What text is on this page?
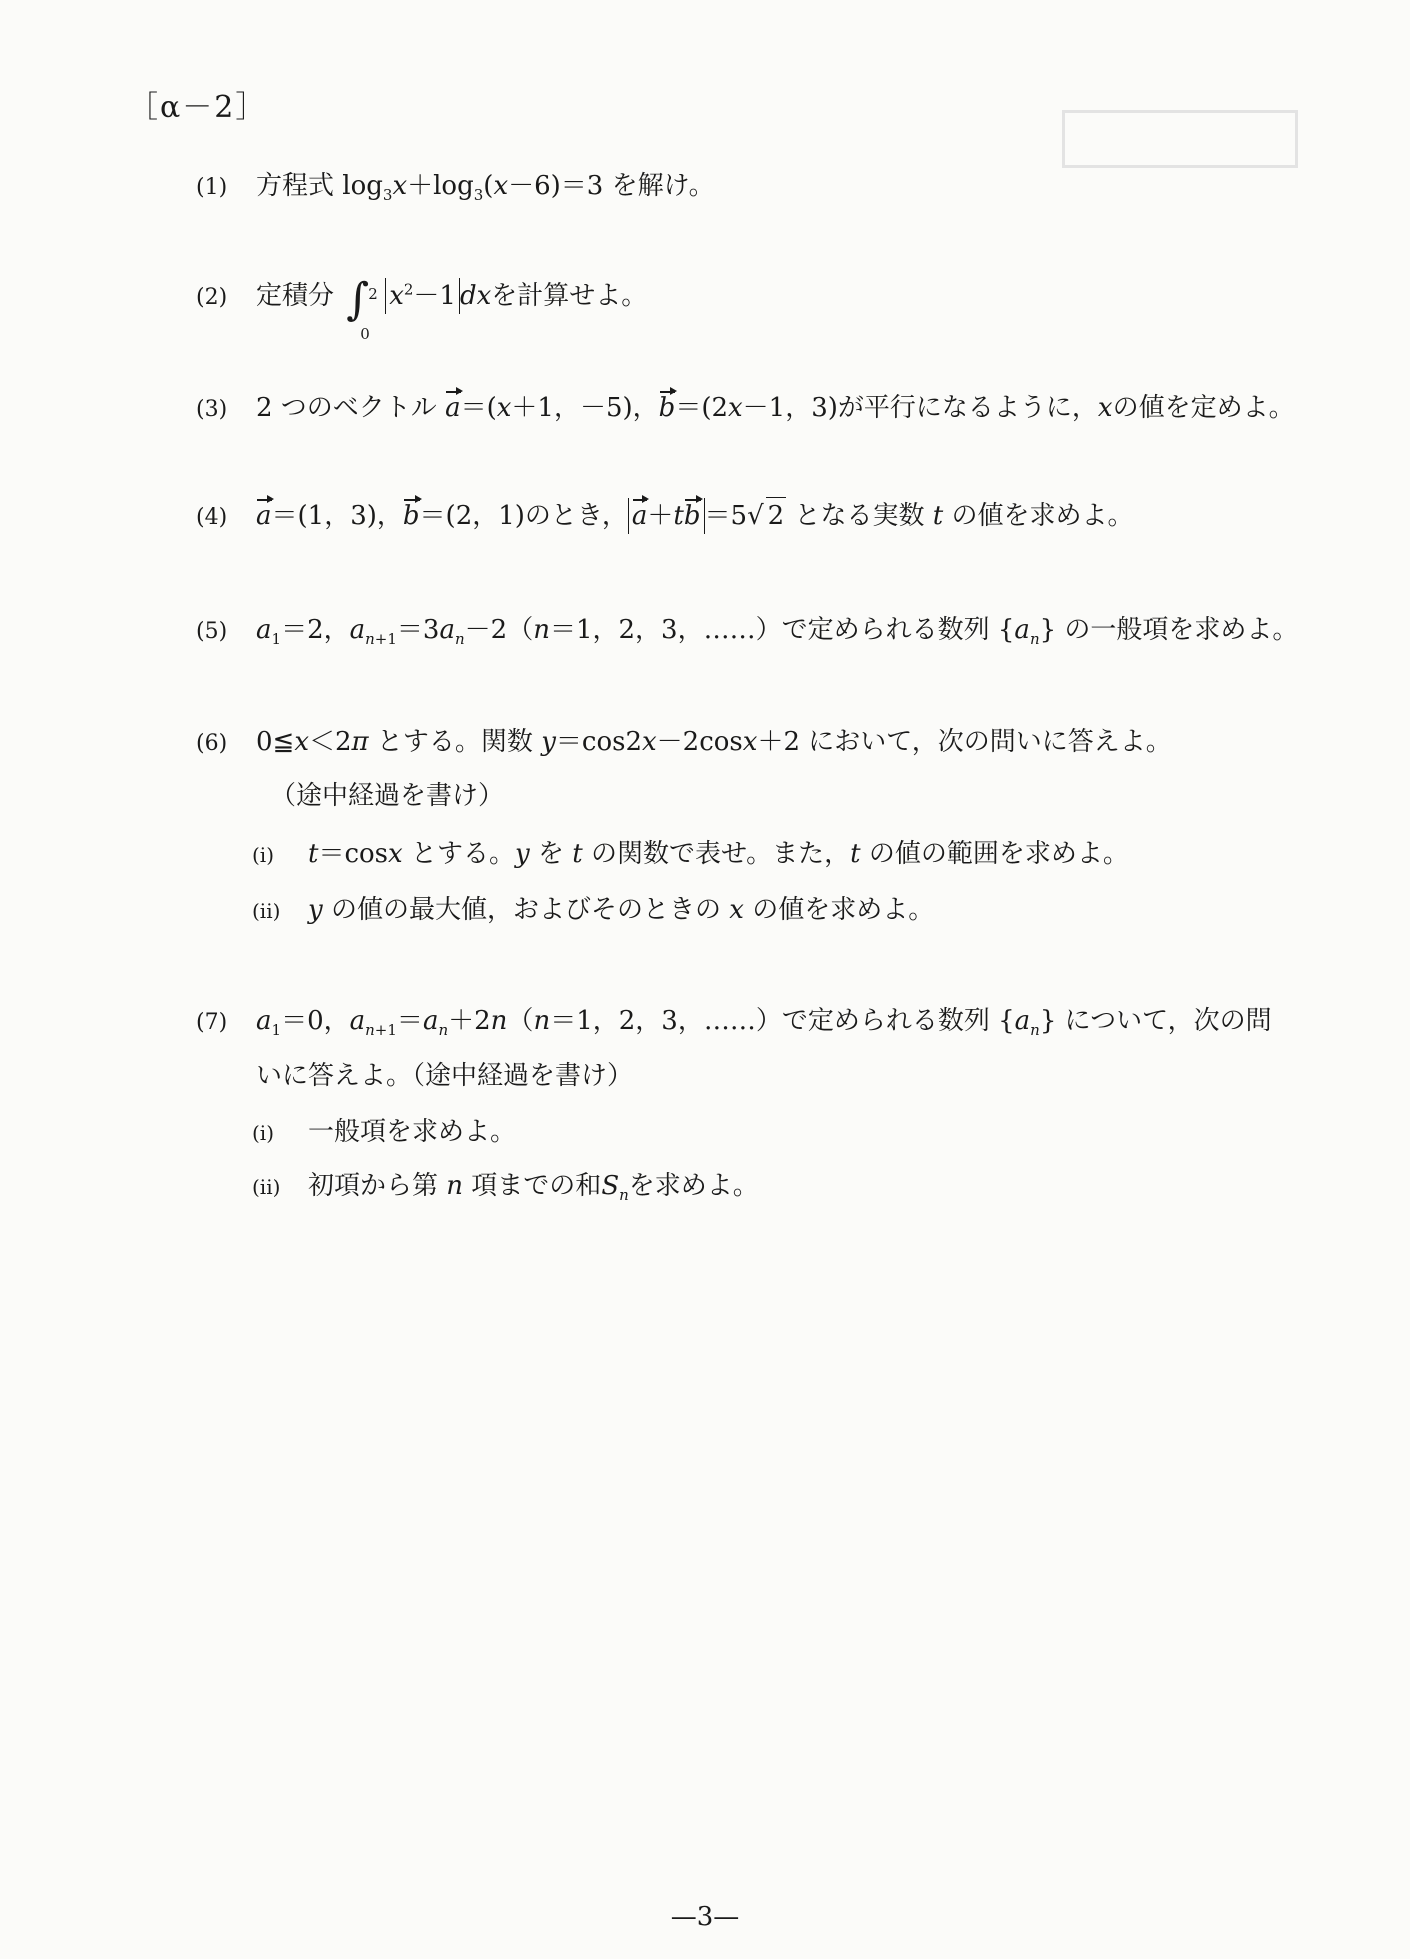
［α－2］
(1) 方程式 $\log_3x+\log_3(x-6)=3$ を解け。
(2) 定積分 ∫ 2
0
$x^2-1$ dxを計算せよ。
(3) 2 つのベクトル a＝(x＋1，－5)，b＝(2x－1，3)が平行になるように，xの値を定めよ。
(4) a＝(1，3)，b＝(2，1)のとき， a＋tb ＝5√ 2 となる実数 t の値を求めよ。
(5) $a_1=2$，$a_{n+1}=3a_n-2(n=1$，2，3，……）で定められる数列 $\{a_n\}$ の一般項を求めよ。
(6) 0≦x＜2π とする。関数 y＝cos2x－2cosx＋2 において，次の問いに答えよ。
（途中経過を書け）
(i) t＝cosx とする。y を t の関数で表せ。また，t の値の範囲を求めよ。
(ii) y の値の最大値，およびそのときの x の値を求めよ。
(7) $a_1=0$，$a_{n+1}=a_n+2n(n=1$，2，3，……）で定められる数列 $\{a_n\}$ について，次の問
いに答えよ。（途中経過を書け）
(i) 一般項を求めよ。
(ii) 初項から第 n 項までの和$S_n$を求めよ。
—3—
